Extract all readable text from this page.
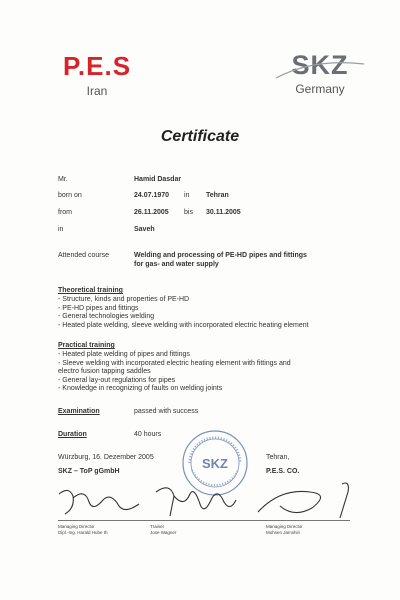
P.E.S
Iran
SKZ
Germany
Certificate
Mr.	Hamid Dasdar
born on	24.07.1970 in Tehran
from	26.11.2005 bis 30.11.2005
in	Saveh
Attended course	Welding and processing of PE-HD pipes and fittings
for gas- and water supply
Theoretical training
- Structure, kinds and properties of PE-HD
- PE-HD pipes and fittings
- General technologies welding
- Heated plate welding, sleeve welding with incorporated electric heating element
Practical training
- Heated plate welding of pipes and fittings
- Sleeve welding with incorporated electric heating element with fittings and
electro fusion tapping saddles
- General lay-out regulations for pipes
- Knowledge in recognizing of faults on welding joints
Examination	passed with success
Duration	40 hours
Würzburg, 16. Dezember 2005
SKZ – ToP gGmbH
Tehran,
P.E.S. CO.
SKZ
Managing Director
Dipl.-Ing. Harald Hube th
Trainer
Jose Wagner
Managing Director
Mohsen Jamshiri
